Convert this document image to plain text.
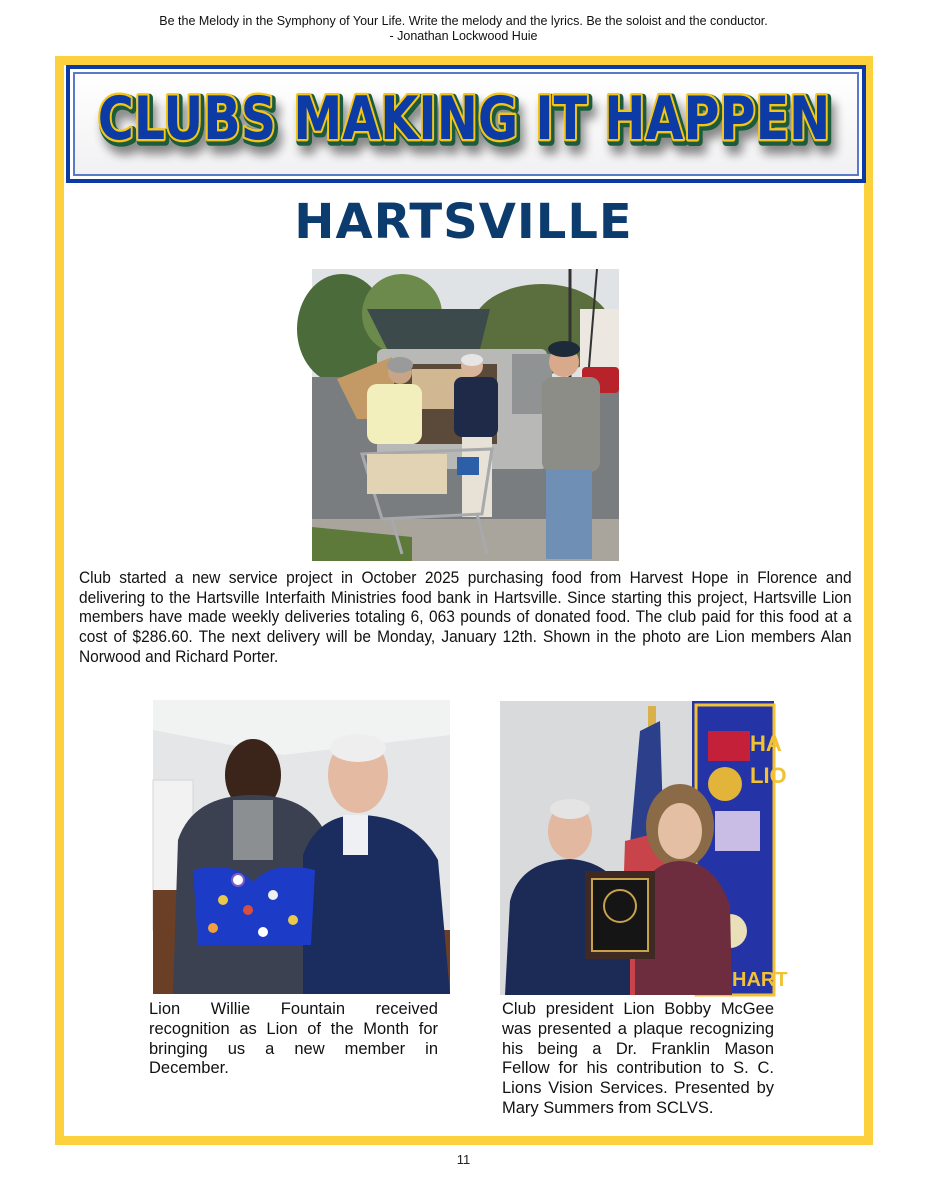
Be the Melody in the Symphony of Your Life. Write the melody and the lyrics. Be the soloist and the conductor.
- Jonathan Lockwood Huie
CLUBS MAKING IT HAPPEN
CLUBS MAKING IT HAPPEN
CLUBS MAKING IT HAPPEN
HARTSVILLE
Club started a new service project in October 2025 purchasing food from Harvest Hope in Florence and delivering to the Hartsville Interfaith Ministries food bank in Hartsville. Since starting this project, Hartsville Lion members have made weekly deliveries totaling 6, 063 pounds of donated food. The club paid for this food at a cost of $286.60. The next delivery will be Monday, January 12th. Shown in the photo are Lion members Alan Norwood and Richard Porter.
HA
LIO
HART
Lion Willie Fountain received recognition as Lion of the Month for bringing us a new member in December.
Club president Lion Bobby McGee was presented a plaque recognizing his being a Dr. Franklin Mason Fellow for his contribution to S. C. Lions Vision Services. Presented by Mary Summers from SCLVS.
11
